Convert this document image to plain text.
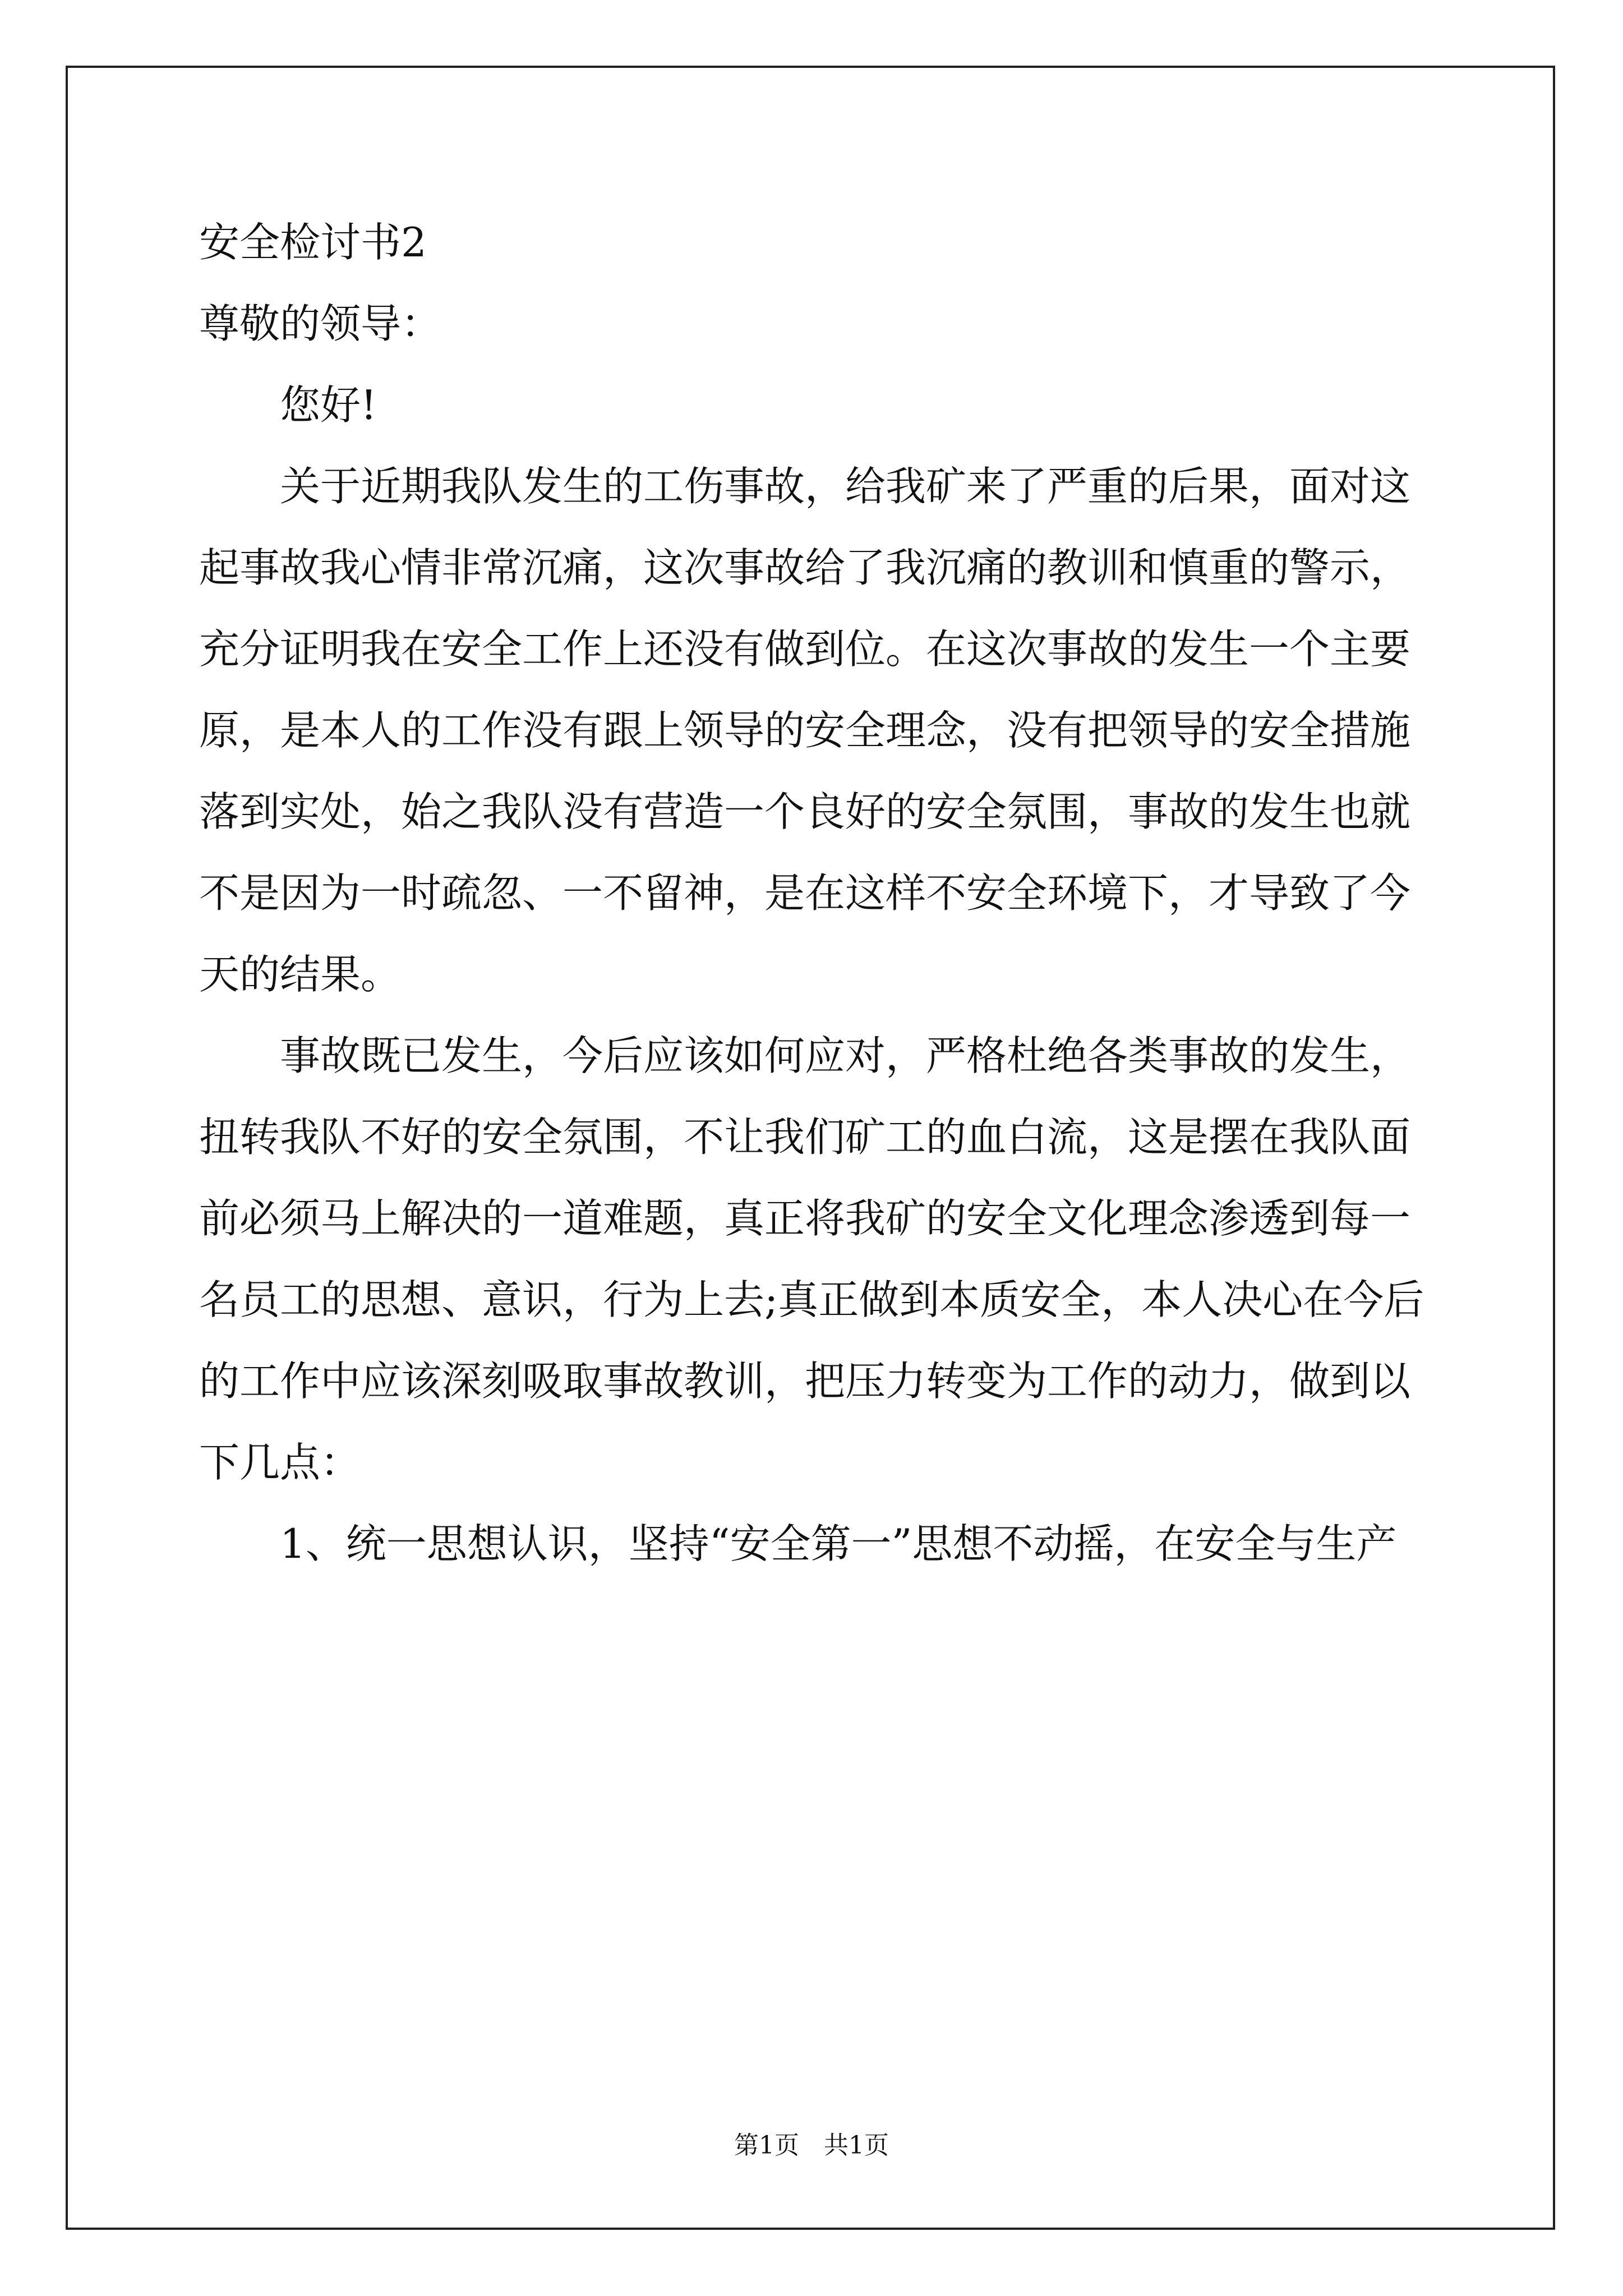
安全检讨书2
尊敬的领导：
您好!
关于近期我队发生的工伤事故，给我矿来了严重的后果，面对这
起事故我心情非常沉痛，这次事故给了我沉痛的教训和慎重的警示，
充分证明我在安全工作上还没有做到位。在这次事故的发生一个主要
原，是本人的工作没有跟上领导的安全理念，没有把领导的安全措施
落到实处，始之我队没有营造一个良好的安全氛围，事故的发生也就
不是因为一时疏忽、一不留神，是在这样不安全环境下，才导致了今
天的结果。
事故既已发生，今后应该如何应对，严格杜绝各类事故的发生，
扭转我队不好的安全氛围，不让我们矿工的血白流，这是摆在我队面
前必须马上解决的一道难题，真正将我矿的安全文化理念渗透到每一
名员工的思想、意识，行为上去;真正做到本质安全，本人决心在今后
的工作中应该深刻吸取事故教训，把压力转变为工作的动力，做到以
下几点：
1、统一思想认识，坚持“安全第一”思想不动摇，在安全与生产
第1页　共1页
